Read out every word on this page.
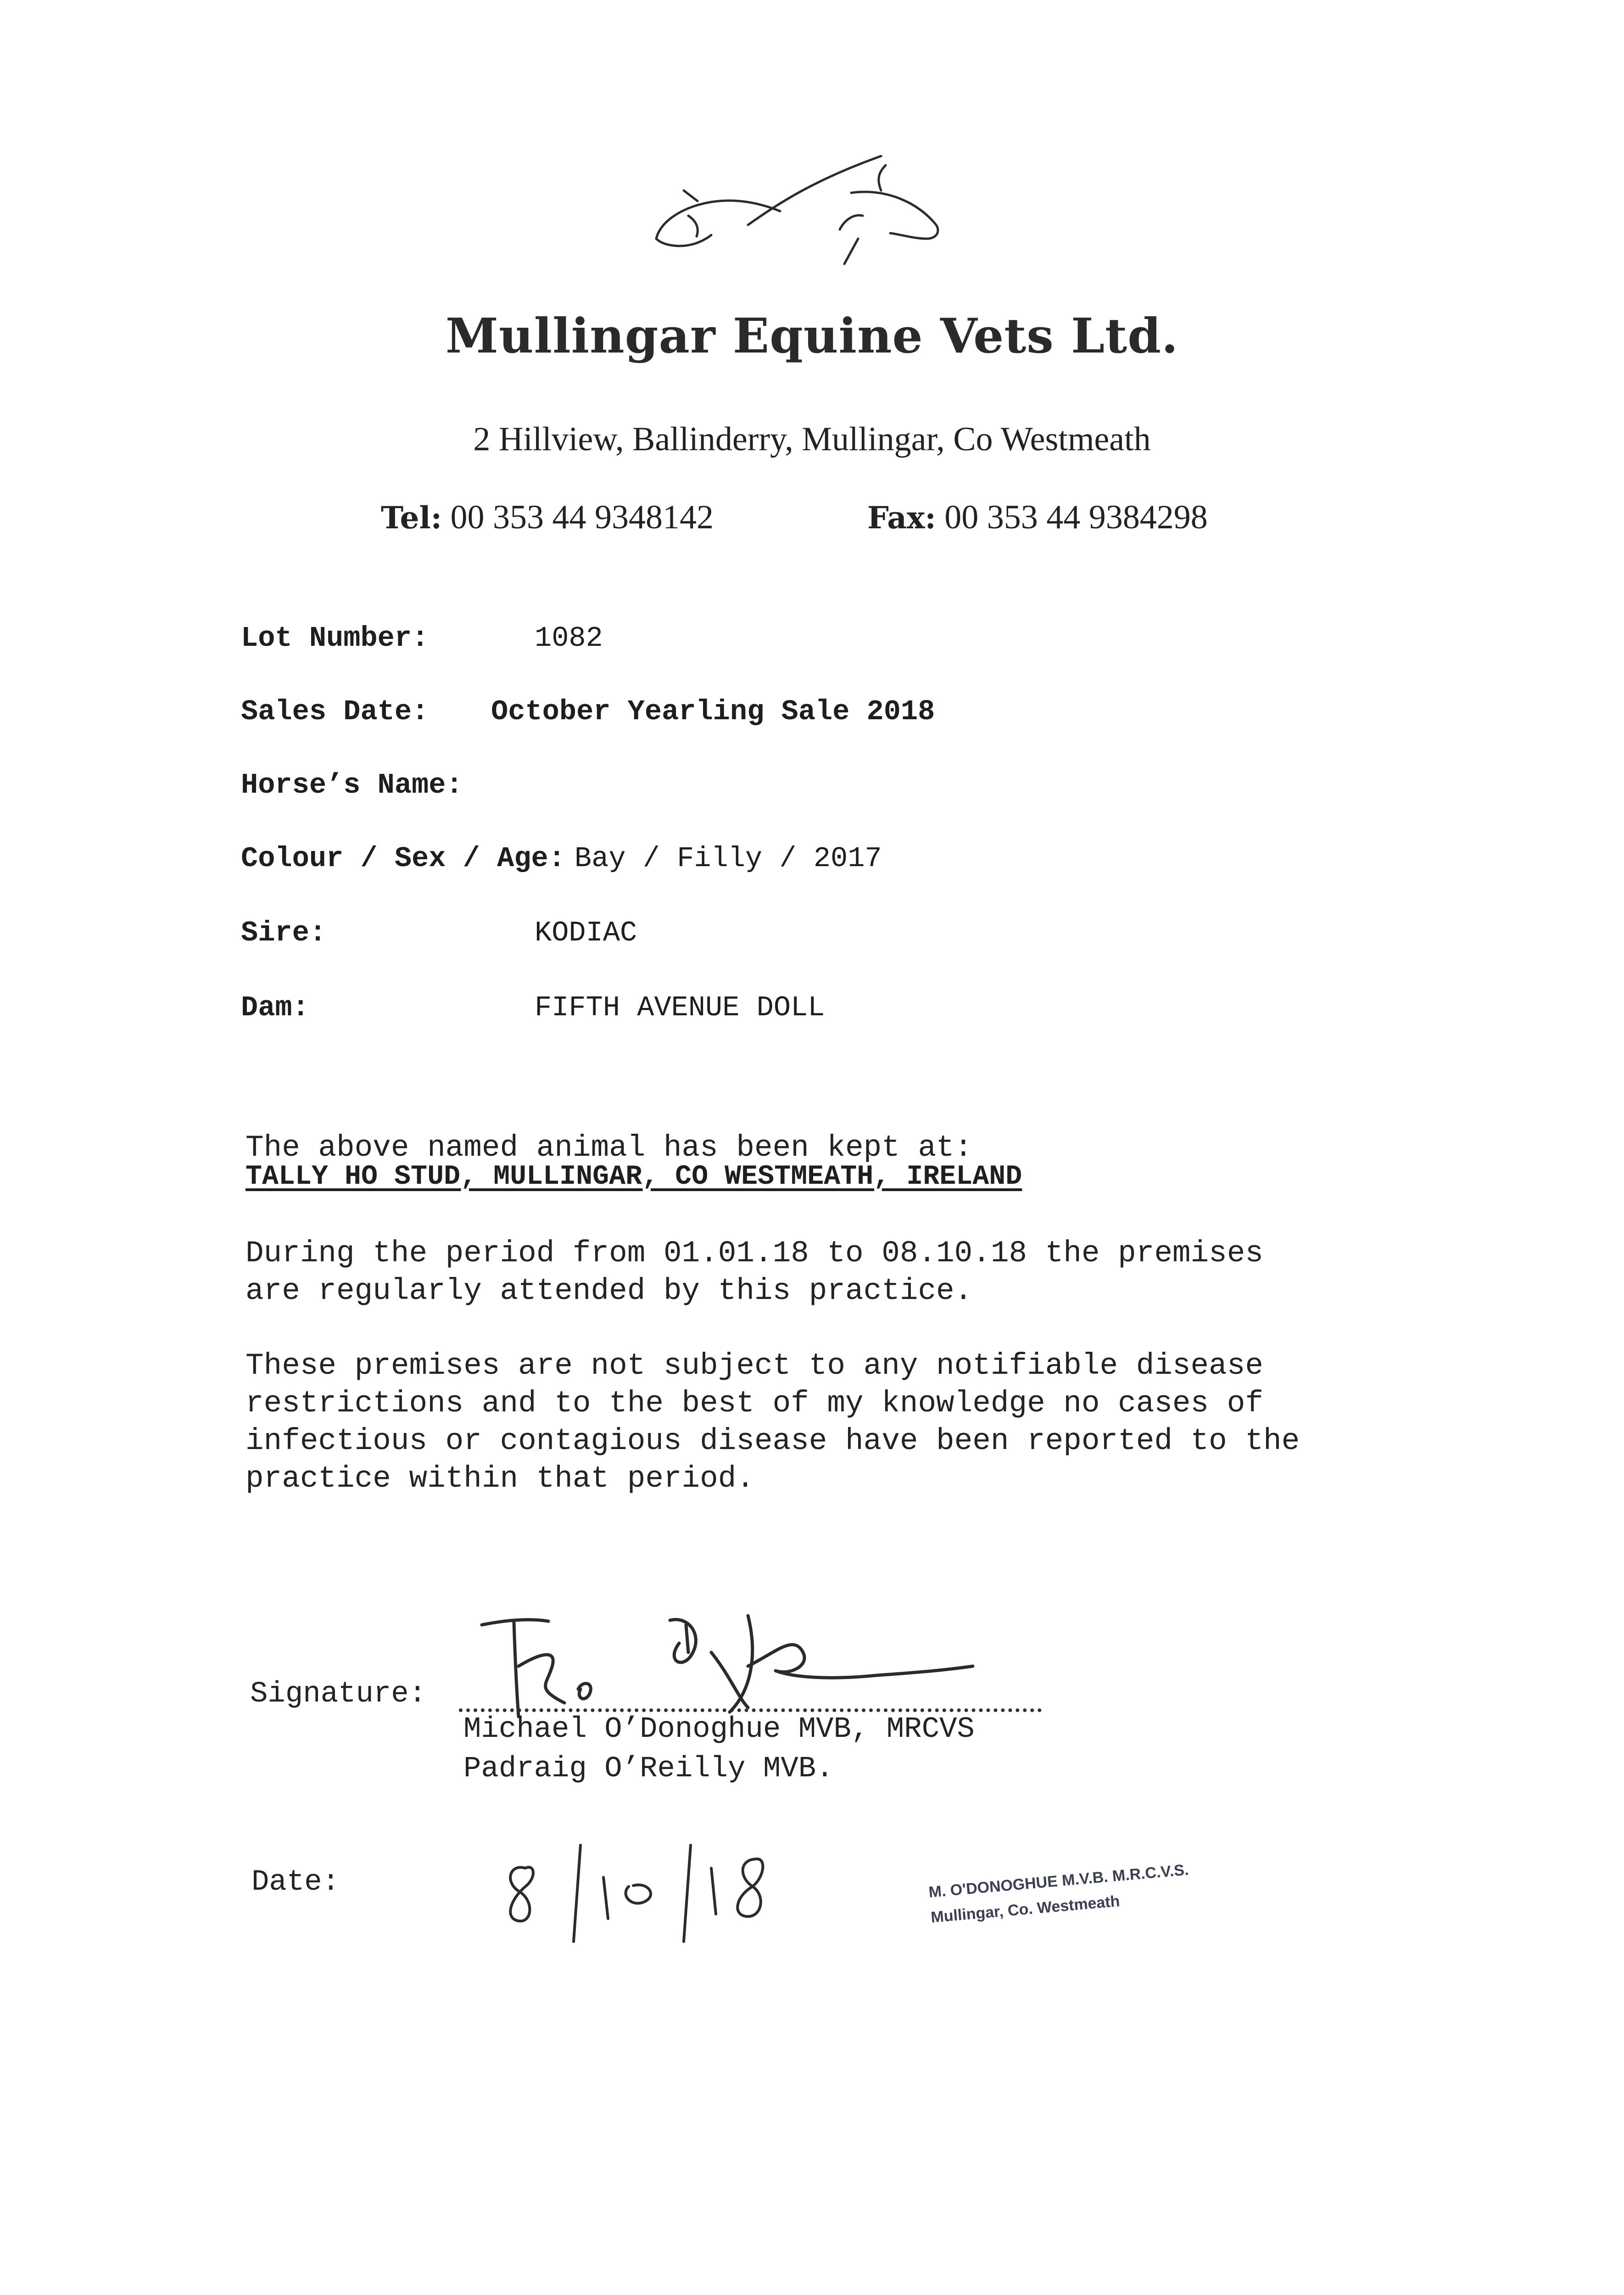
Mullingar Equine Vets Ltd.
2 Hillview, Ballinderry, Mullingar, Co Westmeath
Tel: 00 353 44 9348142	Fax: 00 353 44 9384298
Lot Number:	1082
Sales Date: October Yearling Sale 2018
Horse’s Name:
Colour / Sex / Age: Bay / Filly / 2017
Sire:	KODIAC
Dam:	FIFTH AVENUE DOLL
The above named animal has been kept at:
TALLY HO STUD, MULLINGAR, CO WESTMEATH, IRELAND
During the period from 01.01.18 to 08.10.18 the premises
are regularly attended by this practice.
These premises are not subject to any notifiable disease
restrictions and to the best of my knowledge no cases of
infectious or contagious disease have been reported to the
practice within that period.
Signature:
Michael O’Donoghue MVB, MRCVS
Padraig O’Reilly MVB.
Date:	M. O'DONOGHUE M.V.B. M.R.C.V.S.
Mullingar, Co. Westmeath
